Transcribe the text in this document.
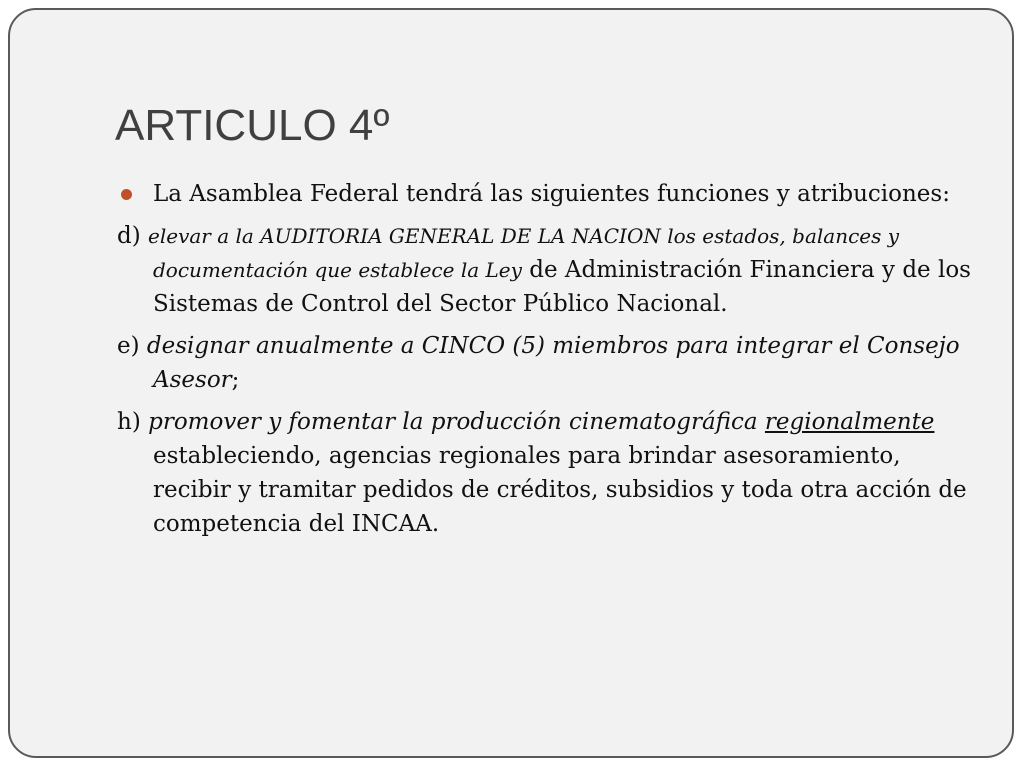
ARTICULO 4º
La Asamblea Federal tendrá las siguientes funciones y atribuciones:
d) elevar a la AUDITORIA GENERAL DE LA NACION los estados, balances y documentación que establece la Ley de Administración Financiera y de los Sistemas de Control del Sector Público Nacional.
e) designar anualmente a CINCO (5) miembros para integrar el Consejo Asesor;
h) promover y fomentar la producción cinematográfica regionalmente estableciendo, agencias regionales para brindar asesoramiento, recibir y tramitar pedidos de créditos, subsidios y toda otra acción de competencia del INCAA.
